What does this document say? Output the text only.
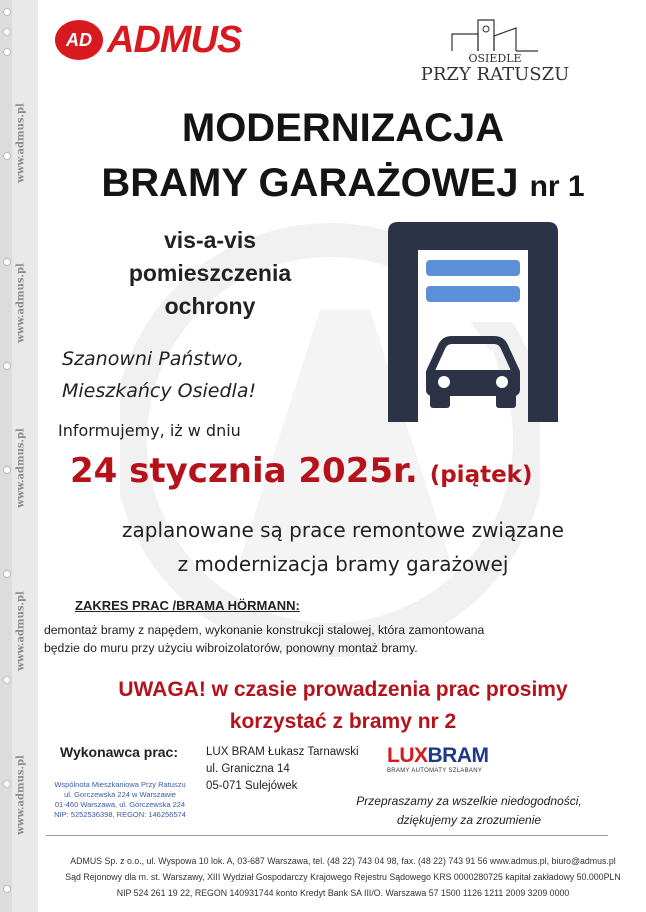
www.admus.pl
www.admus.pl
www.admus.pl
www.admus.pl
www.admus.pl
AD ADMUS	OSIEDLE
PRZY RATUSZU
MODERNIZACJA
BRAMY GARAŻOWEJ nr 1
vis-a-vis
pomieszczenia
ochrony
Szanowni Państwo,
Mieszkańcy Osiedla!
Informujemy, iż w dniu
24 stycznia 2025r. (piątek)
zaplanowane są prace remontowe związane
z modernizacja bramy garażowej
ZAKRES PRAC /BRAMA HÖRMANN:
demontaż bramy z napędem, wykonanie konstrukcji stalowej, która zamontowana
będzie do muru przy użyciu wibroizolatorów, ponowny montaż bramy.
UWAGA! w czasie prowadzenia prac prosimy
korzystać z bramy nr 2
Wykonawca prac: LUX BRAM Łukasz Tarnawski
ul. Graniczna 14
05-071 Sulejówek
LUXBRAM
BRAMY AUTOMATY SZLABANY
Wspólnota Mieszkaniowa Przy Ratuszu
ul. Gorczewska 224 w Warszawie
01-460 Warszawa, ul. Górczewska 224
NIP: 5252536398, REGON: 146256574
Przepraszamy za wszelkie niedogodności,
dziękujemy za zrozumienie
ADMUS Sp. z o.o., ul. Wyspowa 10 lok. A, 03-687 Warszawa, tel. (48 22) 743 04 98, fax. (48 22) 743 91 56 www.admus.pl, biuro@admus.pl
Sąd Rejonowy dla m. st. Warszawy, XIII Wydział Gospodarczy Krajowego Rejestru Sądowego KRS 0000280725 kapitał zakładowy 50.000PLN
NIP 524 261 19 22, REGON 140931744 konto Kredyt Bank SA III/O. Warszawa 57 1500 1126 1211 2009 3209 0000
